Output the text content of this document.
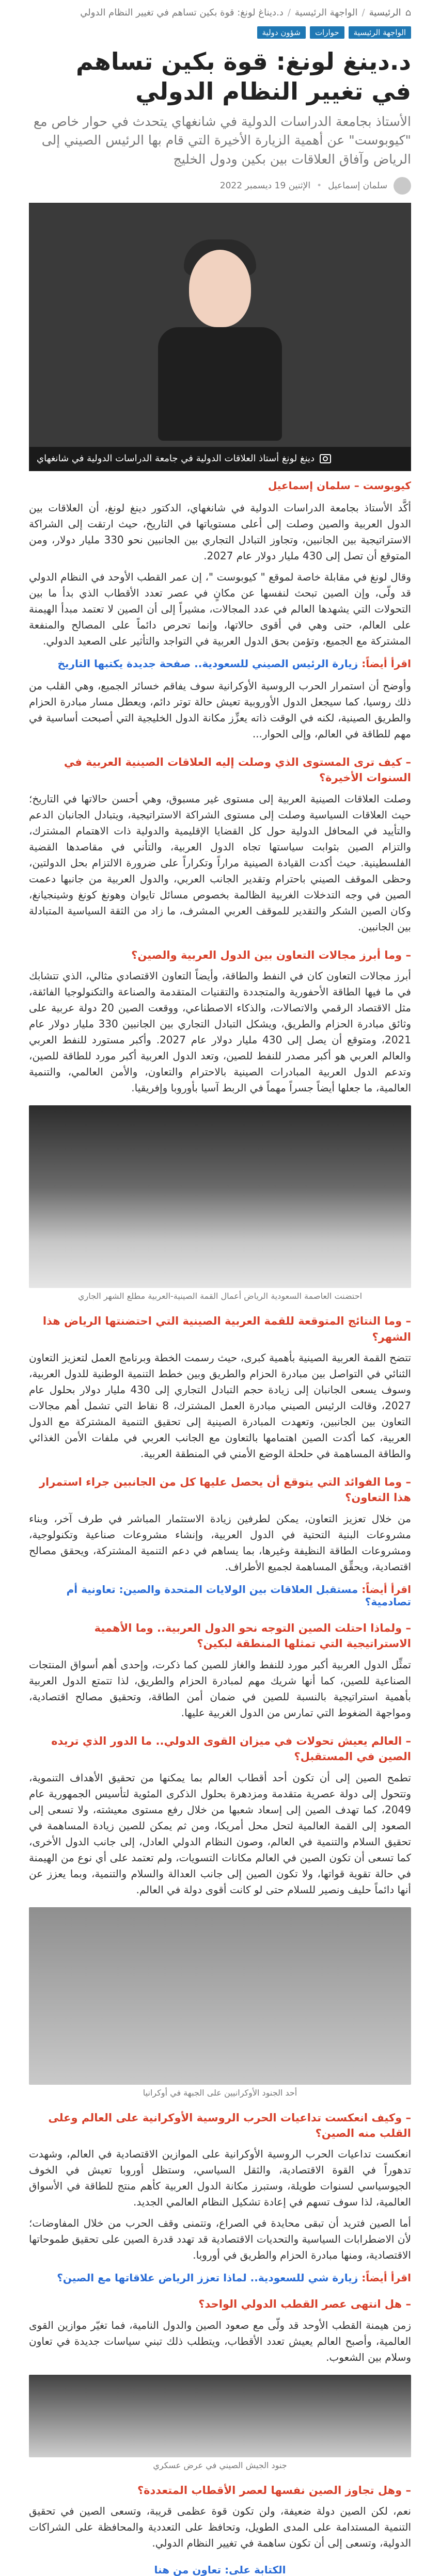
⌂
الرئيسية
/
الواجهة الرئيسية
/
د.ديناغ لونغ: قوة بكين تساهم في تغيير النظام الدولي
الواجهة الرئيسية
حوارات
شؤون دولية
د.دينغ لونغ: قوة بكين تساهم في تغيير النظام الدولي
الأستاذ بجامعة الدراسات الدولية في شانغهاي يتحدث في حوار خاص مع "كيوبوست" عن أهمية الزيارة الأخيرة التي قام بها الرئيس الصيني إلى الرياض وآفاق العلاقات بين بكين ودول الخليج
سلمان إسماعيل
•
الإثنين 19 ديسمبر 2022
دينغ لونغ أستاذ العلاقات الدولية في جامعة الدراسات الدولية في شانغهاي
كيوبوست – سلمان إسماعيل

أكَّد الأستاذ بجامعة الدراسات الدولية في شانغهاي، الدكتور دينغ لونغ، أن العلاقات بين الدول العربية والصين وصلت إلى أعلى مستوياتها في التاريخ، حيث ارتقت إلى الشراكة الاستراتيجية بين الجانبين، وتجاوز التبادل التجاري بين الجانبين نحو 330 مليار دولار، ومن المتوقع أن تصل إلى 430 مليار دولار عام 2027.

وقال لونغ في مقابلة خاصة لموقع " كيوبوست "، إن عمر القطب الأوحد في النظام الدولي قد ولّى، وإن الصين تبحث لنفسها عن مكانٍ في عصر تعدد الأقطاب الذي بدأ ما بين التحولات التي يشهدها العالم في عدد المجالات، مشيراً إلى أن الصين لا تعتمد مبدأ الهيمنة على العالم، حتى وهي في أقوى حالاتها، وإنما تحرص دائماً على المصالح والمنفعة المشتركة مع الجميع، وتؤمن بحق الدول العربية في التواجد والتأثير على الصعيد الدولي.

اقرأ أيضاً: زيارة الرئيس الصيني للسعودية.. صفحة جديدة يكتبها التاريخ

وأوضح أن استمرار الحرب الروسية الأوكرانية سوف يفاقم خسائر الجميع، وهي القلب من ذلك روسيا، كما سيجعل الدول الأوروبية تعيش حالة توتر دائم، ويعطل مسار مبادرة الحزام والطريق الصينية، لكنه في الوقت ذاته يعزِّز مكانة الدول الخليجية التي أصبحت أساسية في مهم للطاقة في العالم، وإلى الحوار...

– كيف ترى المستوى الذي وصلت إليه العلاقات الصينية العربية في السنوات الأخيرة؟

وصلت العلاقات الصينية العربية إلى مستوى غير مسبوق، وهي أحسن حالاتها في التاريخ؛ حيث العلاقات السياسية وصلت إلى مستوى الشراكة الاستراتيجية، ويتبادل الجانبان الدعم والتأييد في المحافل الدولية حول كل القضايا الإقليمية والدولية ذات الاهتمام المشترك، والتزام الصين بثوابت سياستها تجاه الدول العربية، والتأني في مقاصدها القضية الفلسطينية. حيث أكدت القيادة الصينية مراراً وتكراراً على ضرورة الالتزام بحل الدولتين، وحظى الموقف الصيني باحترام وتقدير الجانب العربي، والدول العربية من جانبها دعمت الصين في وجه التدخلات الغربية الظالمة بخصوص مسائل تايوان وهونغ كونغ وشينجيانغ، وكان الصين الشكر والتقدير للموقف العربي المشرف، ما زاد من الثقة السياسية المتبادلة بين الجانبين.

– وما أبرز مجالات التعاون بين الدول العربية والصين؟

أبرز مجالات التعاون كان في النفط والطاقة، وأيضاً التعاون الاقتصادي مثالي، الذي تتشابك في ما فيها الطاقة الأحفورية والمتجددة والتقنيات المتقدمة والصناعة والتكنولوجيا الفائقة، مثل الاقتصاد الرقمي والاتصالات، والذكاء الاصطناعي، ووقعت الصين 20 دولة عربية على وثائق مبادرة الحزام والطريق، ويشكل التبادل التجاري بين الجانبين 330 مليار دولار عام 2021، ومتوقع أن يصل إلى 430 مليار دولار عام 2027. وأكبر مستورد للنفط العربي والعالم العربي هو أكبر مصدر للنفط للصين، وتعد الدول العربية أكبر مورد للطاقة للصين، وتدعم الدول العربية المبادرات الصينية بالاحترام والتعاون، والأمن العالمي، والتنمية العالمية، ما جعلها أيضاً جسراً مهماً في الربط آسيا بأوروبا وإفريقيا.

احتضنت العاصمة السعودية الرياض أعمال القمة الصينية-العربية مطلع الشهر الجاري
– وما النتائج المتوقعة للقمة العربية الصينية التي احتضنتها الرياض هذا الشهر؟

تتضح القمة العربية الصينية بأهمية كبرى، حيث رسمت الخطة وبرنامج العمل لتعزيز التعاون الثنائي في التواصل بين مبادرة الحزام والطريق وبين خطط التنمية الوطنية للدول العربية، وسوف يسعى الجانبان إلى زيادة حجم التبادل التجاري إلى 430 مليار دولار بحلول عام 2027، وقالت الرئيس الصيني مبادرة العمل المشترك، 8 نقاط التي تشمل أهم مجالات التعاون بين الجانبين، وتعهدت المبادرة الصينية إلى تحقيق التنمية المشتركة مع الدول العربية، كما أكدت الصين اهتمامها بالتعاون مع الجانب العربي في ملفات الأمن الغذائي والطاقة المساهمة في حلحلة الوضع الأمني في المنطقة العربية.

– وما الفوائد التي يتوقع أن يحصل عليها كل من الجانبين جراء استمرار هذا التعاون؟

من خلال تعزيز التعاون، يمكن لطرفين زيادة الاستثمار المباشر في طرف آخر، وبناء مشروعات البنية التحتية في الدول العربية، وإنشاء مشروعات صناعية وتكنولوجية، ومشروعات الطاقة النظيفة وغيرها، بما يساهم في دعم التنمية المشتركة، ويحقق مصالح اقتصادية، ويحقِّق المساهمة لجميع الأطراف.

اقرأ أيضاً: مستقبل العلاقات بين الولايات المتحدة والصين: تعاونية أم تصادمية؟
– ولماذا احتلت الصين التوجه نحو الدول العربية.. وما الأهمية الاستراتيجية التي تمثلها المنطقة لبكين؟

تمثِّل الدول العربية أكبر مورد للنفط والغاز للصين كما ذكرت، وإحدى أهم أسواق المنتجات الصناعية للصين، كما أنها شريك مهم لمبادرة الحزام والطريق، لذا تتمتع الدول العربية بأهمية استراتيجية بالنسبة للصين في ضمان أمن الطاقة، وتحقيق مصالح اقتصادية، ومواجهة الضغوط التي تمارس من الدول الغربية عليها.

– العالم يعيش تحولات في ميزان القوى الدولي.. ما الدور الذي تريده الصين في المستقبل؟

تطمح الصين إلى أن تكون أحد أقطاب العالم بما يمكنها من تحقيق الأهداف التنموية، وتتحول إلى دولة عصرية متقدمة ومزدهرة بحلول الذكرى المئوية لتأسيس الجمهورية عام 2049، كما تهدف الصين إلى إسعاد شعبها من خلال رفع مستوى معيشته، ولا تسعى إلى الصعود إلى القمة العالمية لتحل محل أمريكا، ومن ثم يمكن للصين زيادة المساهمة في تحقيق السلام والتنمية في العالم، وصون النظام الدولي العادل، إلى جانب الدول الأخرى، كما تسعى أن تكون الصين في العالم مكانات التسويات، ولم تعتمد على أي نوع من الهيمنة في حالة تقوية قواتها، ولا تكون الصين إلى جانب العدالة والسلام والتنمية، وبما يعزز عن أنها دائماً حليف ونصير للسلام حتى لو كانت أقوى دولة في العالم.

أحد الجنود الأوكرانيين على الجبهة في أوكرانيا
– وكيف انعكست تداعيات الحرب الروسية الأوكرانية على العالم وعلى القلب منه الصين؟

انعكست تداعيات الحرب الروسية الأوكرانية على الموازين الاقتصادية في العالم، وشهدت تدهوراً في القوة الاقتصادية، والثقل السياسي، وستظل أوروبا تعيش في الخوف الجيوسياسي لسنوات طويلة، وستبرز مكانة الدول العربية كأهم منتج للطاقة في الأسواق العالمية، لذا سوف تسهم في إعادة تشكيل النظام العالمي الجديد.

أما الصين فتريد أن تبقى محايدة في الصراع، وتتمنى وقف الحرب من خلال المفاوضات؛ لأن الاضطرابات السياسية والتحديات الاقتصادية قد تهدد قدرة الصين على تحقيق طموحاتها الاقتصادية، ومنها مبادرة الحزام والطريق في أوروبا.

اقرأ أيضاً: زيارة شي للسعودية.. لماذا تعزز الرياض علاقاتها مع الصين؟
– هل انتهى عصر القطب الدولي الواحد؟

زمن هيمنة القطب الأوحد قد ولّى مع صعود الصين والدول النامية، فما تغيّر موازين القوى العالمية، وأصبح العالم يعيش تعدد الأقطاب، ويتطلب ذلك تبني سياسات جديدة في تعاون وسلام بين الشعوب.

جنود الجيش الصيني في عرض عسكري
– وهل تجاوز الصين نفسها لعصر الأقطاب المتعددة؟

نعم، لكن الصين دولة ضعيفة، ولن تكون قوة عظمى قريبة، وتسعى الصين في تحقيق التنمية المستدامة على المدى الطويل، وتحافظ على التعددية والمحافظة على الشراكات الدولية، وتسعى إلى أن تكون ساهمة في تغيير النظام الدولي.

الكتابة على: تعاون من هنا
